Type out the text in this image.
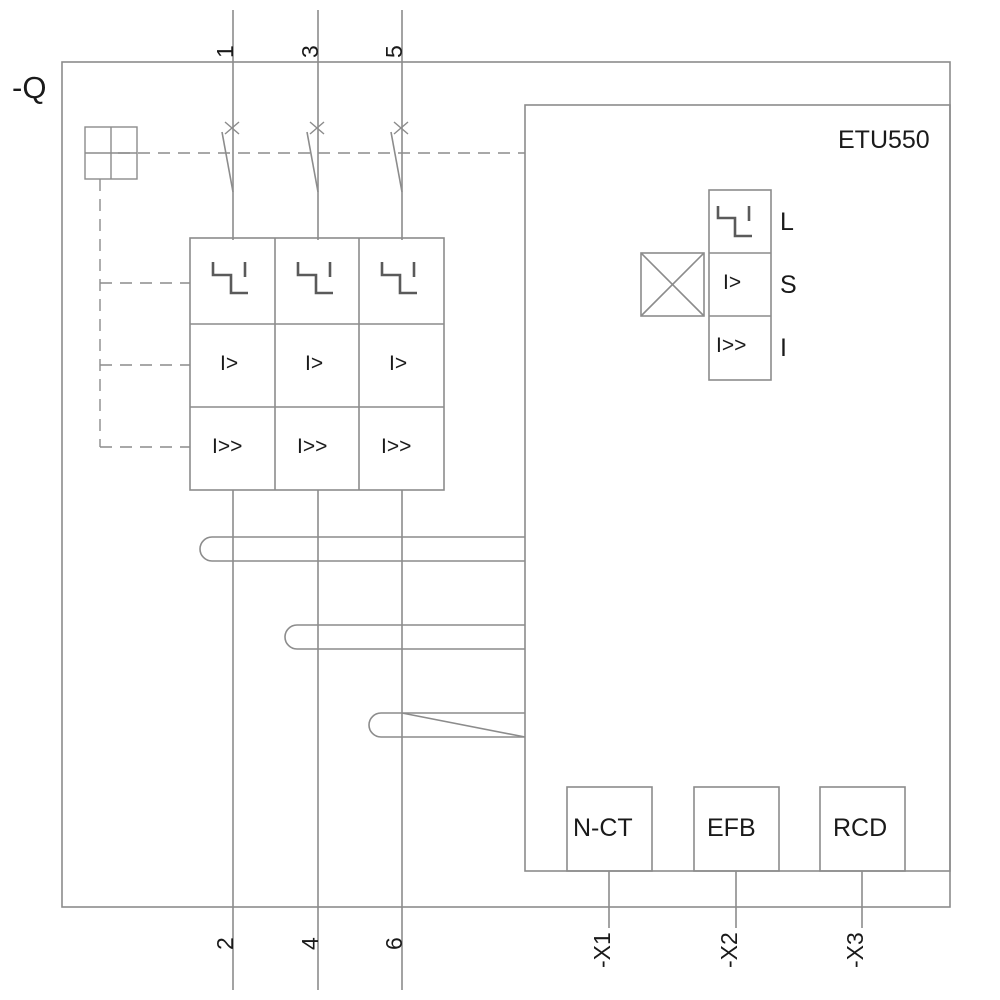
-Q
ETU550
1	3	5
2	4	6
I>	I>	I>
I>>	I>>	I>>
L
I> S
I>> I
N-CT	EFB	RCD
-X1	-X2	-X3
